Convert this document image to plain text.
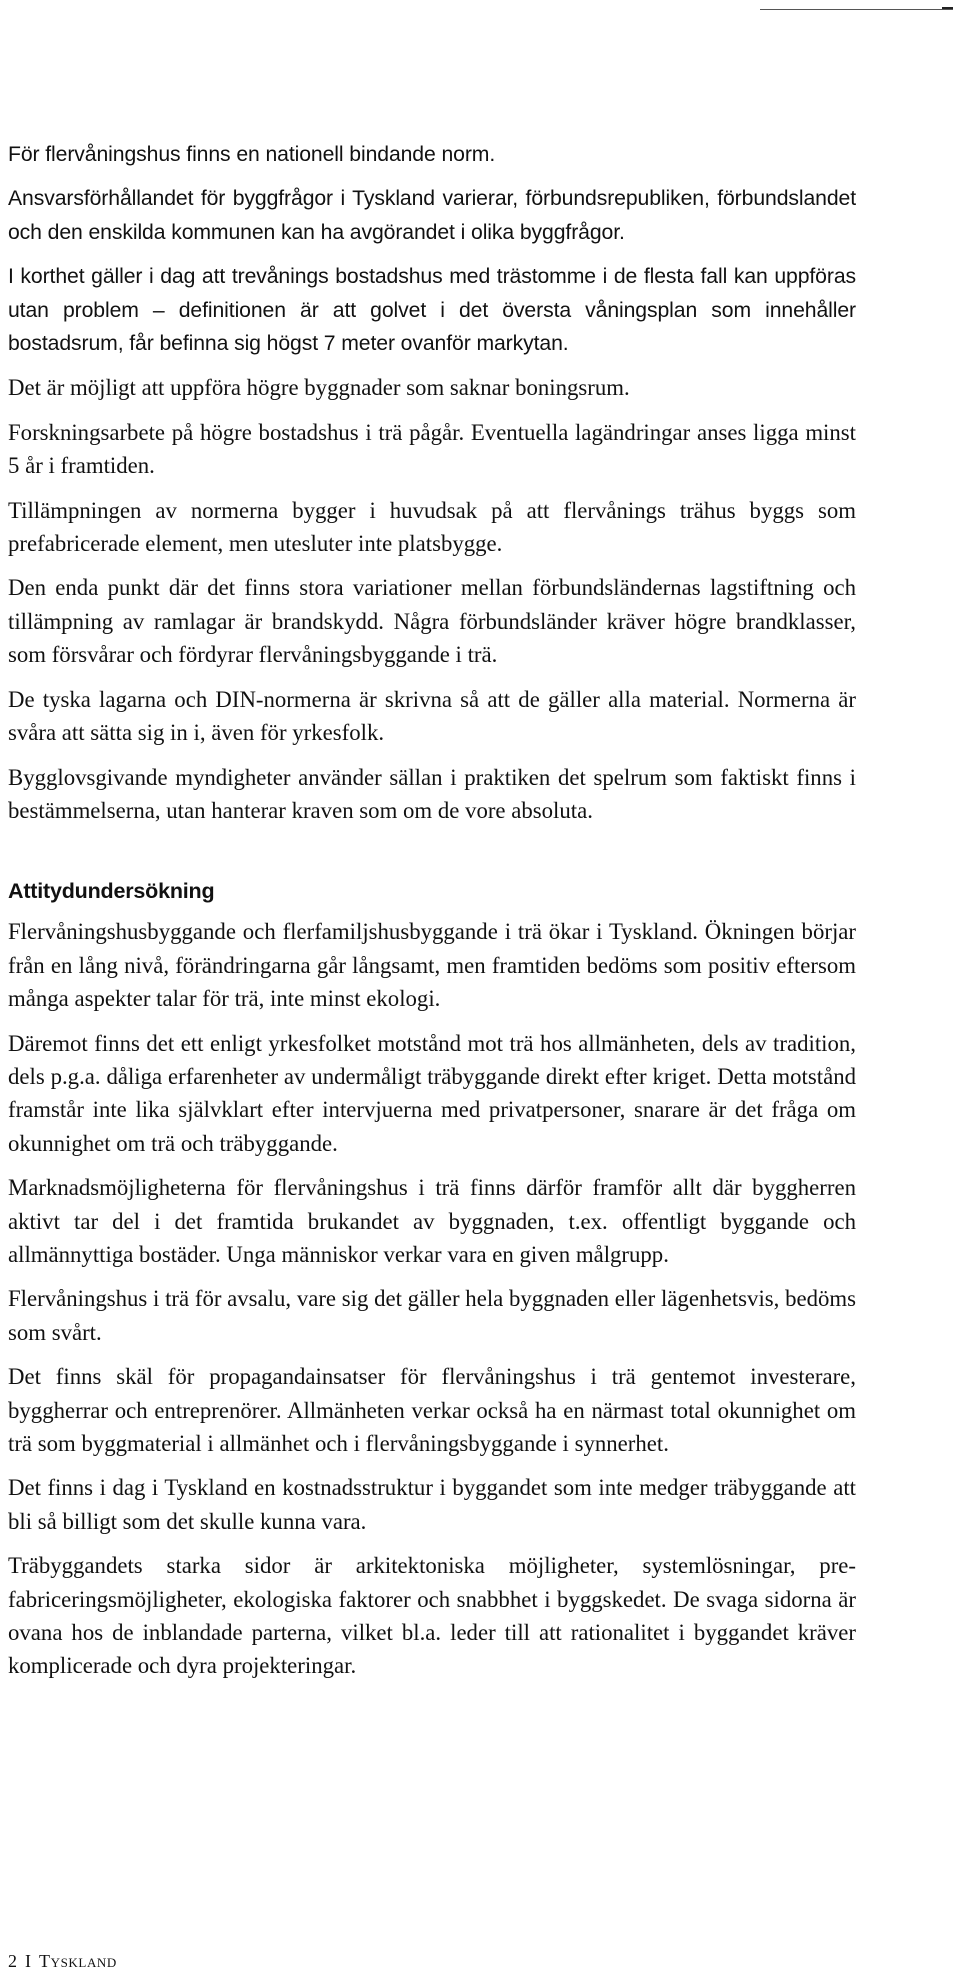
För flervåningshus finns en nationell bindande norm.

Ansvarsförhållandet för byggfrågor i Tyskland varierar, förbundsrepubliken, förbundslandet och den enskilda kommunen kan ha avgörandet i olika byggfrågor.

I korthet gäller i dag att trevånings bostadshus med trästomme i de flesta fall kan uppföras utan problem – definitionen är att golvet i det översta våningsplan som innehåller bostadsrum, får befinna sig högst 7 meter ovanför markytan.

Det är möjligt att uppföra högre byggnader som saknar boningsrum.

Forskningsarbete på högre bostadshus i trä pågår. Eventuella lagändringar anses ligga minst 5 år i framtiden.

Tillämpningen av normerna bygger i huvudsak på att flervånings trähus byggs som prefabricerade element, men utesluter inte platsbygge.

Den enda punkt där det finns stora variationer mellan förbundsländernas lagstiftning och tillämpning av ramlagar är brandskydd. Några förbundsländer kräver högre brandklasser, som försvårar och fördyrar flervåningsbyggande i trä.

De tyska lagarna och DIN-normerna är skrivna så att de gäller alla material. Normerna är svåra att sätta sig in i, även för yrkesfolk.

Bygglovsgivande myndigheter använder sällan i praktiken det spelrum som faktiskt finns i bestämmelserna, utan hanterar kraven som om de vore absoluta.

Attitydundersökning

Flervåningshusbyggande och flerfamiljshusbyggande i trä ökar i Tyskland. Ökningen börjar från en lång nivå, förändringarna går långsamt, men framtiden bedöms som positiv eftersom många aspekter talar för trä, inte minst ekologi.

Däremot finns det ett enligt yrkesfolket motstånd mot trä hos allmänheten, dels av tradition, dels p.g.a. dåliga erfarenheter av undermåligt träbyggande direkt efter kriget. Detta motstånd framstår inte lika självklart efter intervjuerna med privatpersoner, snarare är det fråga om okunnighet om trä och träbyggande.

Marknadsmöjligheterna för flervåningshus i trä finns därför framför allt där byggherren aktivt tar del i det framtida brukandet av byggnaden, t.ex. offentligt byggande och allmännyttiga bostäder. Unga människor verkar vara en given målgrupp.

Flervåningshus i trä för avsalu, vare sig det gäller hela byggnaden eller lägenhetsvis, bedöms som svårt.

Det finns skäl för propagandainsatser för flervåningshus i trä gentemot investerare, byggherrar och entreprenörer. Allmänheten verkar också ha en närmast total okunnighet om trä som byggmaterial i allmänhet och i flervåningsbyggande i synnerhet.

Det finns i dag i Tyskland en kostnadsstruktur i byggandet som inte medger träbyggande att bli så billigt som det skulle kunna vara.

Träbyggandets starka sidor är arkitektoniska möjligheter, systemlösningar, prefabriceringsmöjligheter, ekologiska faktorer och snabbhet i byggskedet. De svaga sidorna är ovana hos de inblandade parterna, vilket bl.a. leder till att rationalitet i byggandet kräver komplicerade och dyra projekteringar.

2 I Tyskland
